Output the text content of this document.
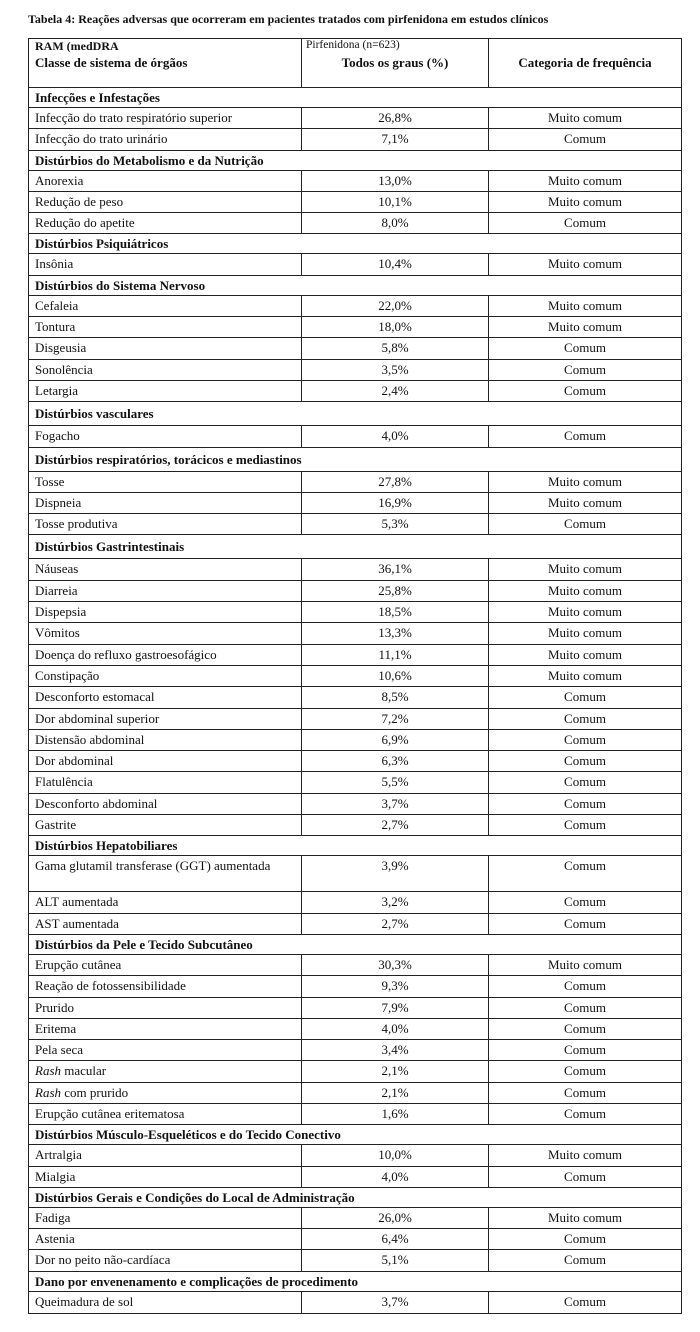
Tabela 4: Reações adversas que ocorreram em pacientes tratados com pirfenidona em estudos clínicos
RAM (medDRA	Pirfenidona (n=623)
Classe de sistema de órgãos	Todos os graus (%)	Categoria de frequência
Infecções e Infestações
Infecção do trato respiratório superior	26,8%	Muito comum
Infecção do trato urinário	7,1%	Comum
Distúrbios do Metabolismo e da Nutrição
Anorexia	13,0%	Muito comum
Redução de peso	10,1%	Muito comum
Redução do apetite	8,0%	Comum
Distúrbios Psiquiátricos
Insônia	10,4%	Muito comum
Distúrbios do Sistema Nervoso
Cefaleia	22,0%	Muito comum
Tontura	18,0%	Muito comum
Disgeusia	5,8%	Comum
Sonolência	3,5%	Comum
Letargia	2,4%	Comum
Distúrbios vasculares
Fogacho	4,0%	Comum
Distúrbios respiratórios, torácicos e mediastinos
Tosse	27,8%	Muito comum
Dispneia	16,9%	Muito comum
Tosse produtiva	5,3%	Comum
Distúrbios Gastrintestinais
Náuseas	36,1%	Muito comum
Diarreia	25,8%	Muito comum
Dispepsia	18,5%	Muito comum
Vômitos	13,3%	Muito comum
Doença do refluxo gastroesofágico	11,1%	Muito comum
Constipação	10,6%	Muito comum
Desconforto estomacal	8,5%	Comum
Dor abdominal superior	7,2%	Comum
Distensão abdominal	6,9%	Comum
Dor abdominal	6,3%	Comum
Flatulência	5,5%	Comum
Desconforto abdominal	3,7%	Comum
Gastrite	2,7%	Comum
Distúrbios Hepatobiliares
Gama glutamil transferase (GGT) aumentada	3,9%	Comum
ALT aumentada	3,2%	Comum
AST aumentada	2,7%	Comum
Distúrbios da Pele e Tecido Subcutâneo
Erupção cutânea	30,3%	Muito comum
Reação de fotossensibilidade	9,3%	Comum
Prurido	7,9%	Comum
Eritema	4,0%	Comum
Pela seca	3,4%	Comum
Rash macular	2,1%	Comum
Rash com prurido	2,1%	Comum
Erupção cutânea eritematosa	1,6%	Comum
Distúrbios Músculo-Esqueléticos e do Tecido Conectivo
Artralgia	10,0%	Muito comum
Mialgia	4,0%	Comum
Distúrbios Gerais e Condições do Local de Administração
Fadiga	26,0%	Muito comum
Astenia	6,4%	Comum
Dor no peito não-cardíaca	5,1%	Comum
Dano por envenenamento e complicações de procedimento
Queimadura de sol	3,7%	Comum
